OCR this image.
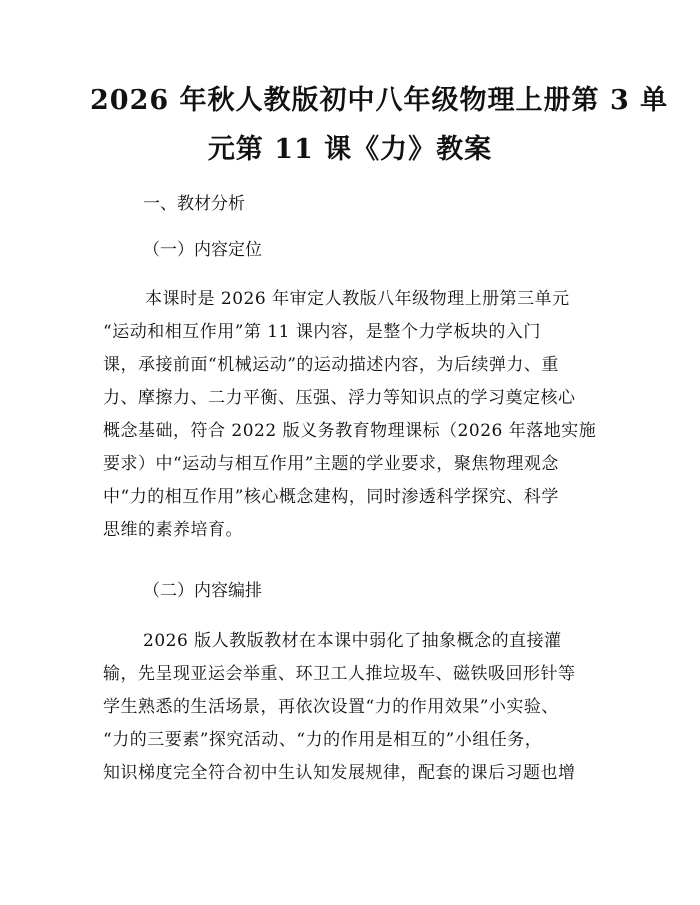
2026 年秋人教版初中八年级物理上册第 3 单
元第 11 课《力》教案
一、教材分析
（一）内容定位
本课时是 2026 年审定人教版八年级物理上册第三单元
“运动和相互作用”第 11 课内容，是整个力学板块的入门
课，承接前面“机械运动”的运动描述内容，为后续弹力、重
力、摩擦力、二力平衡、压强、浮力等知识点的学习奠定核心
概念基础，符合 2022 版义务教育物理课标（2026 年落地实施
要求）中“运动与相互作用”主题的学业要求，聚焦物理观念
中“力的相互作用”核心概念建构，同时渗透科学探究、科学
思维的素养培育。
（二）内容编排
2026 版人教版教材在本课中弱化了抽象概念的直接灌
输，先呈现亚运会举重、环卫工人推垃圾车、磁铁吸回形针等
学生熟悉的生活场景，再依次设置“力的作用效果”小实验、
“力的三要素”探究活动、“力的作用是相互的”小组任务，
知识梯度完全符合初中生认知发展规律，配套的课后习题也增
